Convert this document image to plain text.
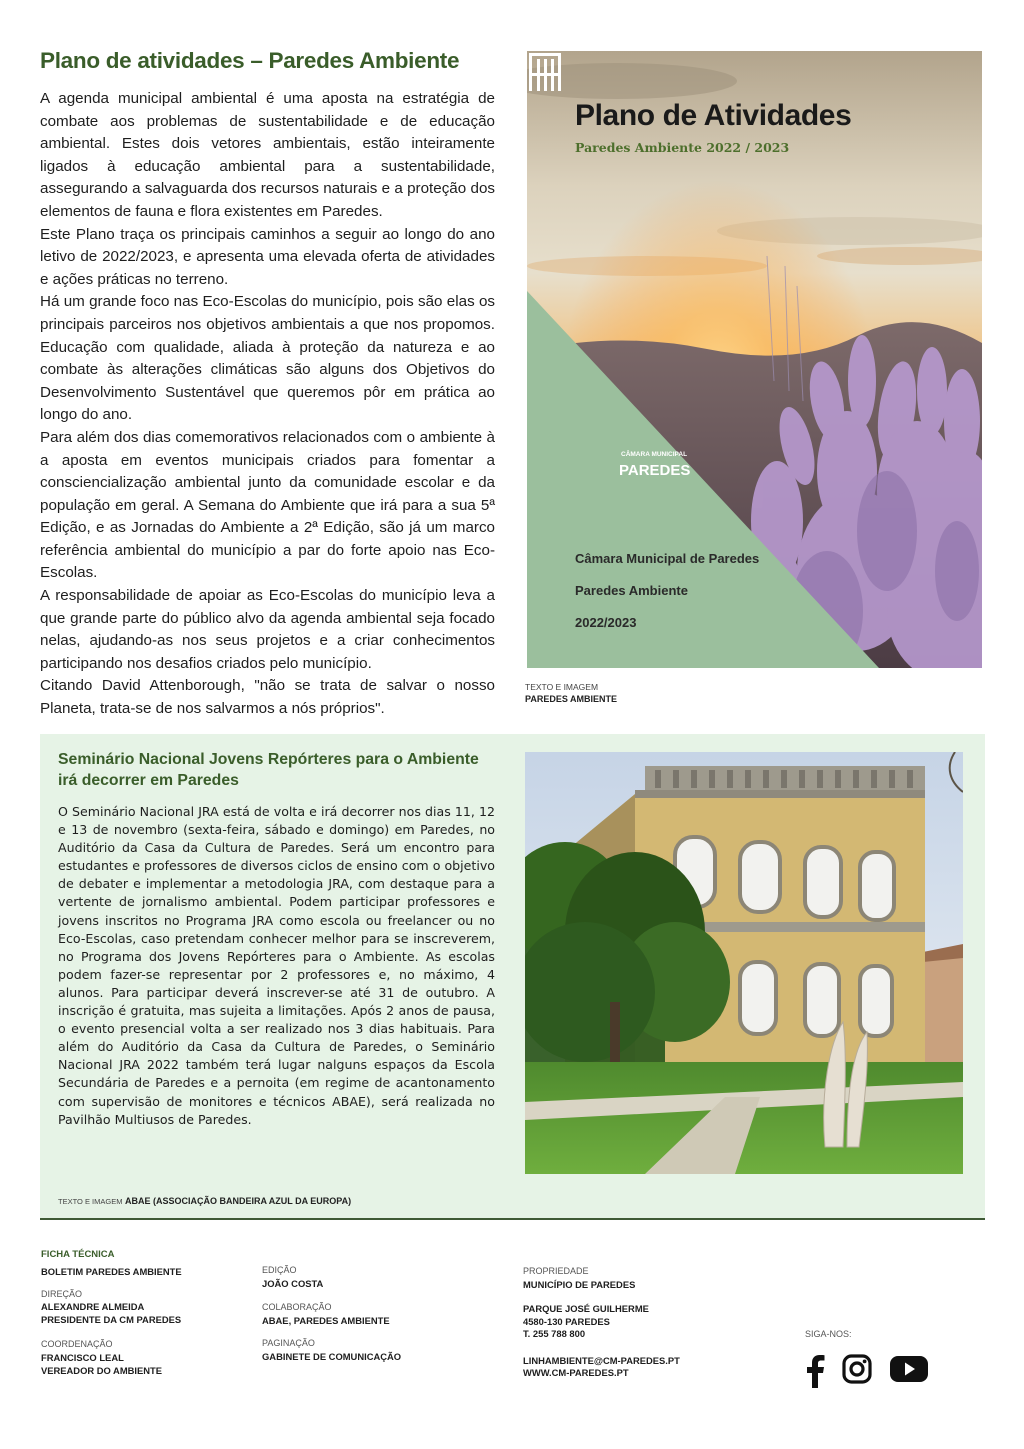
Plano de atividades – Paredes Ambiente

A agenda municipal ambiental é uma aposta na estratégia de combate aos problemas de sustentabilidade e de educação ambiental. Estes dois vetores ambientais, estão inteiramente ligados à educação ambiental para a sustentabilidade, assegurando a salvaguarda dos recursos naturais e a proteção dos elementos de fauna e flora existentes em Paredes.

Este Plano traça os principais caminhos a seguir ao longo do ano letivo de 2022/2023, e apresenta uma elevada oferta de atividades e ações práticas no terreno.

Há um grande foco nas Eco-Escolas do município, pois são elas os principais parceiros nos objetivos ambientais a que nos propomos. Educação com qualidade, aliada à proteção da natureza e ao combate às alterações climáticas são alguns dos Objetivos do Desenvolvimento Sustentável que queremos pôr em prática ao longo do ano.

Para além dos dias comemorativos relacionados com o ambiente à a aposta em eventos municipais criados para fomentar a consciencialização ambiental junto da comunidade escolar e da população em geral. A Semana do Ambiente que irá para a sua 5ª Edição, e as Jornadas do Ambiente a 2ª Edição, são já um marco referência ambiental do município a par do forte apoio nas Eco-Escolas.

A responsabilidade de apoiar as Eco-Escolas do município leva a que grande parte do público alvo da agenda ambiental seja focado nelas, ajudando-as nos seus projetos e a criar conhecimentos participando nos desafios criados pelo município.

Citando David Attenborough, "não se trata de salvar o nosso Planeta, trata-se de nos salvarmos a nós próprios".

Plano de Atividades
Paredes Ambiente 2022 / 2023
CÂMARA MUNICIPAL
PAREDES
Câmara Municipal de Paredes
Paredes Ambiente
2022/2023
TEXTO E IMAGEM
PAREDES AMBIENTE
Seminário Nacional Jovens Repórteres para o Ambiente irá decorrer em Paredes

O Seminário Nacional JRA está de volta e irá decorrer nos dias 11, 12 e 13 de novembro (sexta-feira, sábado e domingo) em Paredes, no Auditório da Casa da Cultura de Paredes. Será um encontro para estudantes e professores de diversos ciclos de ensino com o objetivo de debater e implementar a metodologia JRA, com destaque para a vertente de jornalismo ambiental. Podem participar professores e jovens inscritos no Programa JRA como escola ou freelancer ou no Eco-Escolas, caso pretendam conhecer melhor para se inscreverem, no Programa dos Jovens Repórteres para o Ambiente. As escolas podem fazer-se representar por 2 professores e, no máximo, 4 alunos. Para participar deverá inscrever-se até 31 de outubro. A inscrição é gratuita, mas sujeita a limitações. Após 2 anos de pausa, o evento presencial volta a ser realizado nos 3 dias habituais. Para além do Auditório da Casa da Cultura de Paredes, o Seminário Nacional JRA 2022 também terá lugar nalguns espaços da Escola Secundária de Paredes e a pernoita (em regime de acantonamento com supervisão de monitores e técnicos ABAE), será realizada no Pavilhão Multiusos de Paredes.

TEXTO E IMAGEM ABAE (ASSOCIAÇÃO BANDEIRA AZUL DA EUROPA)
FICHA TÉCNICA
BOLETIM PAREDES AMBIENTE
DIREÇÃO
ALEXANDRE ALMEIDA
PRESIDENTE DA CM PAREDES
COORDENAÇÃO
FRANCISCO LEAL
VEREADOR DO AMBIENTE
EDIÇÃO
JOÃO COSTA
COLABORAÇÃO
ABAE, PAREDES AMBIENTE
PAGINAÇÃO
GABINETE DE COMUNICAÇÃO
PROPRIEDADE
MUNICÍPIO DE PAREDES
PARQUE JOSÉ GUILHERME
4580-130 PAREDES
T. 255 788 800
LINHAMBIENTE@CM-PAREDES.PT
WWW.CM-PAREDES.PT
SIGA-NOS:
